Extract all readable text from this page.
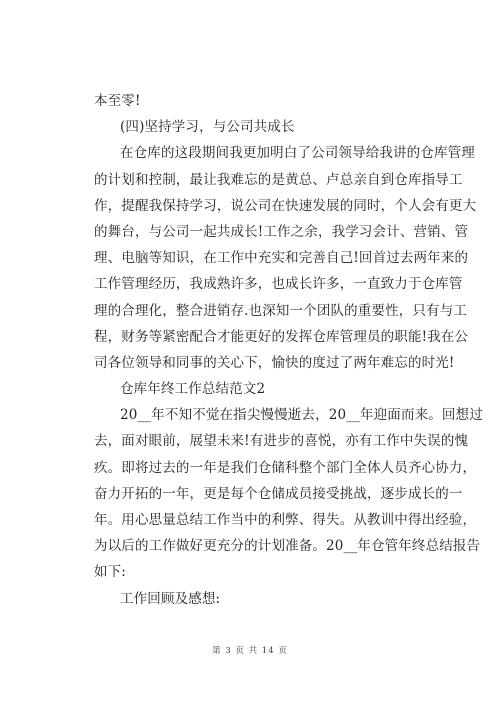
本至零!
(四)坚持学习，与公司共成长
在仓库的这段期间我更加明白了公司领导给我讲的仓库管理
的计划和控制，最让我难忘的是黄总、卢总亲自到仓库指导工
作，提醒我保持学习，说公司在快速发展的同时，个人会有更大
的舞台，与公司一起共成长!工作之余，我学习会计、营销、管
理、电脑等知识，在工作中充实和完善自己!回首过去两年来的
工作管理经历，我成熟许多，也成长许多，一直致力于仓库管
理的合理化，整合进销存.也深知一个团队的重要性，只有与工
程，财务等紧密配合才能更好的发挥仓库管理员的职能!我在公
司各位领导和同事的关心下，愉快的度过了两年难忘的时光!
仓库年终工作总结范文2
20__年不知不觉在指尖慢慢逝去，20__年迎面而来。回想过
去，面对眼前，展望未来!有进步的喜悦，亦有工作中失误的愧
疚。即将过去的一年是我们仓储科整个部门全体人员齐心协力，
奋力开拓的一年，更是每个仓储成员接受挑战，逐步成长的一
年。用心思量总结工作当中的利弊、得失。从教训中得出经验，
为以后的工作做好更充分的计划准备。20__年仓管年终总结报告
如下:
工作回顾及感想:
第 3 页 共 14 页
